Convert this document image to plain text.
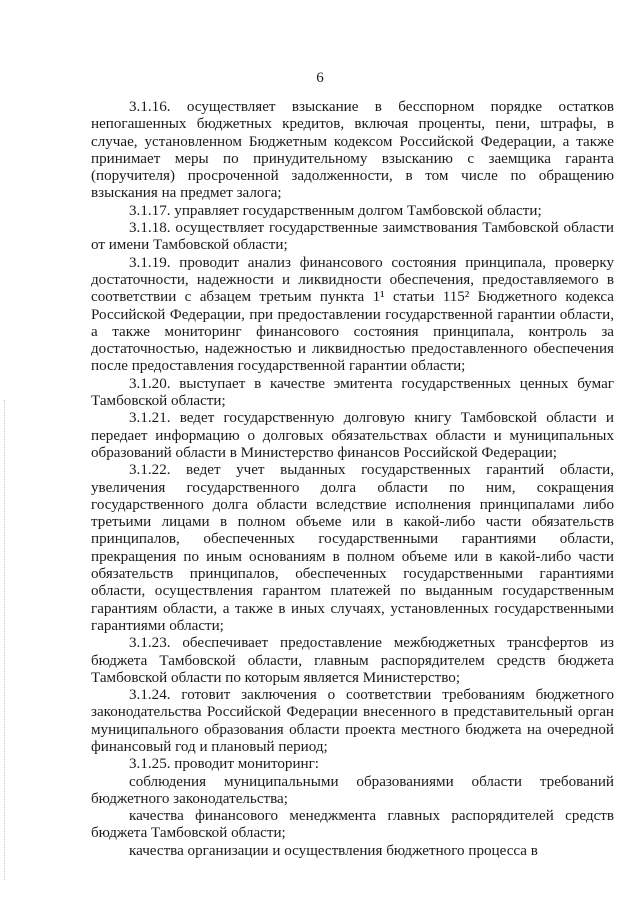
6

3.1.16. осуществляет взыскание в бесспорном порядке остатков непогашенных бюджетных кредитов, включая проценты, пени, штрафы, в случае, установленном Бюджетным кодексом Российской Федерации, а также принимает меры по принудительному взысканию с заемщика гаранта (поручителя) просроченной задолженности, в том числе по обращению взыскания на предмет залога;

3.1.17. управляет государственным долгом Тамбовской области;

3.1.18. осуществляет государственные заимствования Тамбовской области от имени Тамбовской области;

3.1.19. проводит анализ финансового состояния принципала, проверку достаточности, надежности и ликвидности обеспечения, предоставляемого в соответствии с абзацем третьим пункта 1¹ статьи 115² Бюджетного кодекса Российской Федерации, при предоставлении государственной гарантии области, а также мониторинг финансового состояния принципала, контроль за достаточностью, надежностью и ликвидностью предоставленного обеспечения после предоставления государственной гарантии области;

3.1.20. выступает в качестве эмитента государственных ценных бумаг Тамбовской области;

3.1.21. ведет государственную долговую книгу Тамбовской области и передает информацию о долговых обязательствах области и муниципальных образований области в Министерство финансов Российской Федерации;

3.1.22. ведет учет выданных государственных гарантий области, увеличения государственного долга области по ним, сокращения государственного долга области вследствие исполнения принципалами либо третьими лицами в полном объеме или в какой-либо части обязательств принципалов, обеспеченных государственными гарантиями области, прекращения по иным основаниям в полном объеме или в какой-либо части обязательств принципалов, обеспеченных государственными гарантиями области, осуществления гарантом платежей по выданным государственным гарантиям области, а также в иных случаях, установленных государственными гарантиями области;

3.1.23. обеспечивает предоставление межбюджетных трансфертов из бюджета Тамбовской области, главным распорядителем средств бюджета Тамбовской области по которым является Министерство;

3.1.24. готовит заключения о соответствии требованиям бюджетного законодательства Российской Федерации внесенного в представительный орган муниципального образования области проекта местного бюджета на очередной финансовый год и плановый период;

3.1.25. проводит мониторинг:

соблюдения муниципальными образованиями области требований бюджетного законодательства;

качества финансового менеджмента главных распорядителей средств бюджета Тамбовской области;

качества организации и осуществления бюджетного процесса в
